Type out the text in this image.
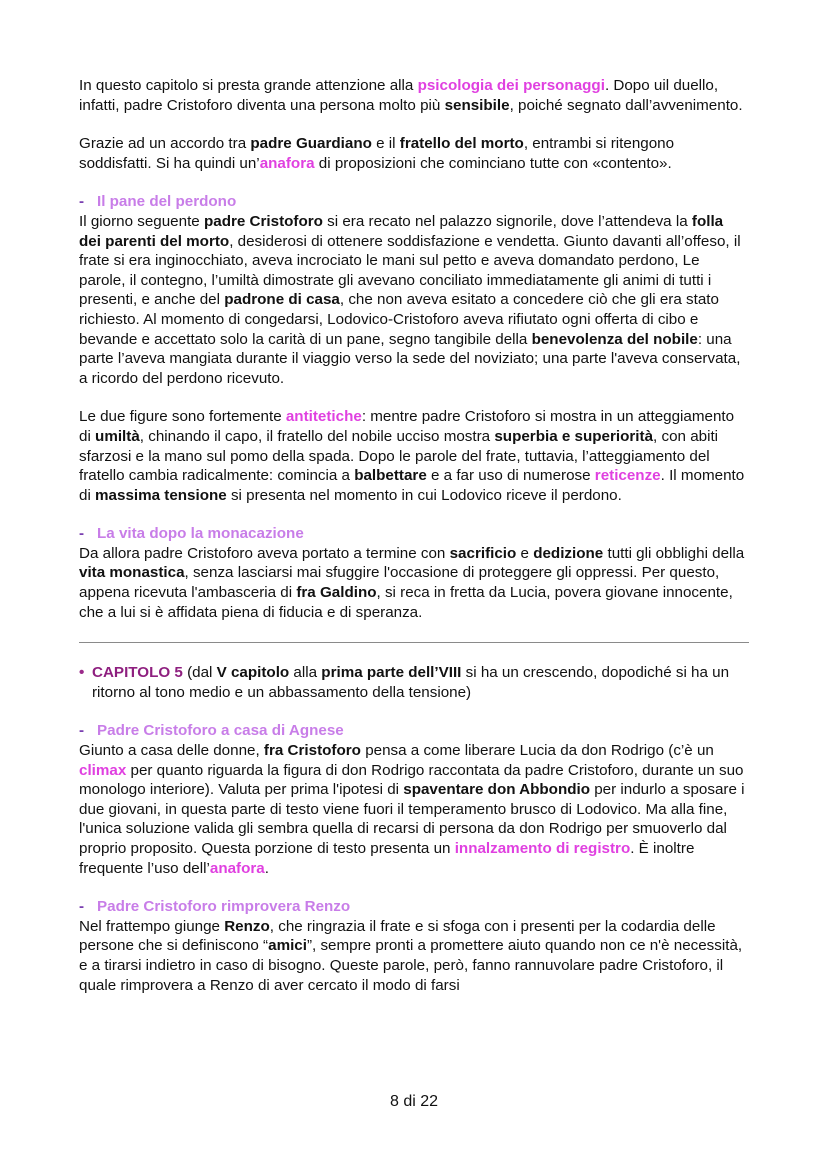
In questo capitolo si presta grande attenzione alla psicologia dei personaggi. Dopo uil duello, infatti, padre Cristoforo diventa una persona molto più sensibile, poiché segnato dall’avvenimento.

Grazie ad un accordo tra padre Guardiano e il fratello del morto, entrambi si ritengono soddisfatti. Si ha quindi un’anafora di proposizioni che cominciano tutte con «contento».

- Il pane del perdono

Il giorno seguente padre Cristoforo si era recato nel palazzo signorile, dove l’attendeva la folla dei parenti del morto, desiderosi di ottenere soddisfazione e vendetta. Giunto davanti all’offeso, il frate si era inginocchiato, aveva incrociato le mani sul petto e aveva domandato perdono, Le parole, il contegno, l’umiltà dimostrate gli avevano conciliato immediatamente gli animi di tutti i presenti, e anche del padrone di casa, che non aveva esitato a concedere ciò che gli era stato richiesto. Al momento di congedarsi, Lodovico-Cristoforo aveva rifiutato ogni offerta di cibo e bevande e accettato solo la carità di un pane, segno tangibile della benevolenza del nobile: una parte l’aveva mangiata durante il viaggio verso la sede del noviziato; una parte l'aveva conservata, a ricordo del perdono ricevuto.

Le due figure sono fortemente antitetiche: mentre padre Cristoforo si mostra in un atteggiamento di umiltà, chinando il capo, il fratello del nobile ucciso mostra superbia e superiorità, con abiti sfarzosi e la mano sul pomo della spada. Dopo le parole del frate, tuttavia, l’atteggiamento del fratello cambia radicalmente: comincia a balbettare e a far uso di numerose reticenze. Il momento di massima tensione si presenta nel momento in cui Lodovico riceve il perdono.

- La vita dopo la monacazione

Da allora padre Cristoforo aveva portato a termine con sacrificio e dedizione tutti gli obblighi della vita monastica, senza lasciarsi mai sfuggire l'occasione di proteggere gli oppressi. Per questo, appena ricevuta l'ambasceria di fra Galdino, si reca in fretta da Lucia, povera giovane innocente, che a lui si è affidata piena di fiducia e di speranza.

• CAPITOLO 5 (dal V capitolo alla prima parte dell’VIII si ha un crescendo, dopodiché si ha un ritorno al tono medio e un abbassamento della tensione)
- Padre Cristoforo a casa di Agnese

Giunto a casa delle donne, fra Cristoforo pensa a come liberare Lucia da don Rodrigo (c’è un climax per quanto riguarda la figura di don Rodrigo raccontata da padre Cristoforo, durante un suo monologo interiore). Valuta per prima l'ipotesi di spaventare don Abbondio per indurlo a sposare i due giovani, in questa parte di testo viene fuori il temperamento brusco di Lodovico. Ma alla fine, l'unica soluzione valida gli sembra quella di recarsi di persona da don Rodrigo per smuoverlo dal proprio proposito. Questa porzione di testo presenta un innalzamento di registro. È inoltre frequente l’uso dell’anafora.

- Padre Cristoforo rimprovera Renzo

Nel frattempo giunge Renzo, che ringrazia il frate e si sfoga con i presenti per la codardia delle persone che si definiscono “amici”, sempre pronti a promettere aiuto quando non ce n'è necessità, e a tirarsi indietro in caso di bisogno. Queste parole, però, fanno rannuvolare padre Cristoforo, il quale rimprovera a Renzo di aver cercato il modo di farsi

8 di 22
